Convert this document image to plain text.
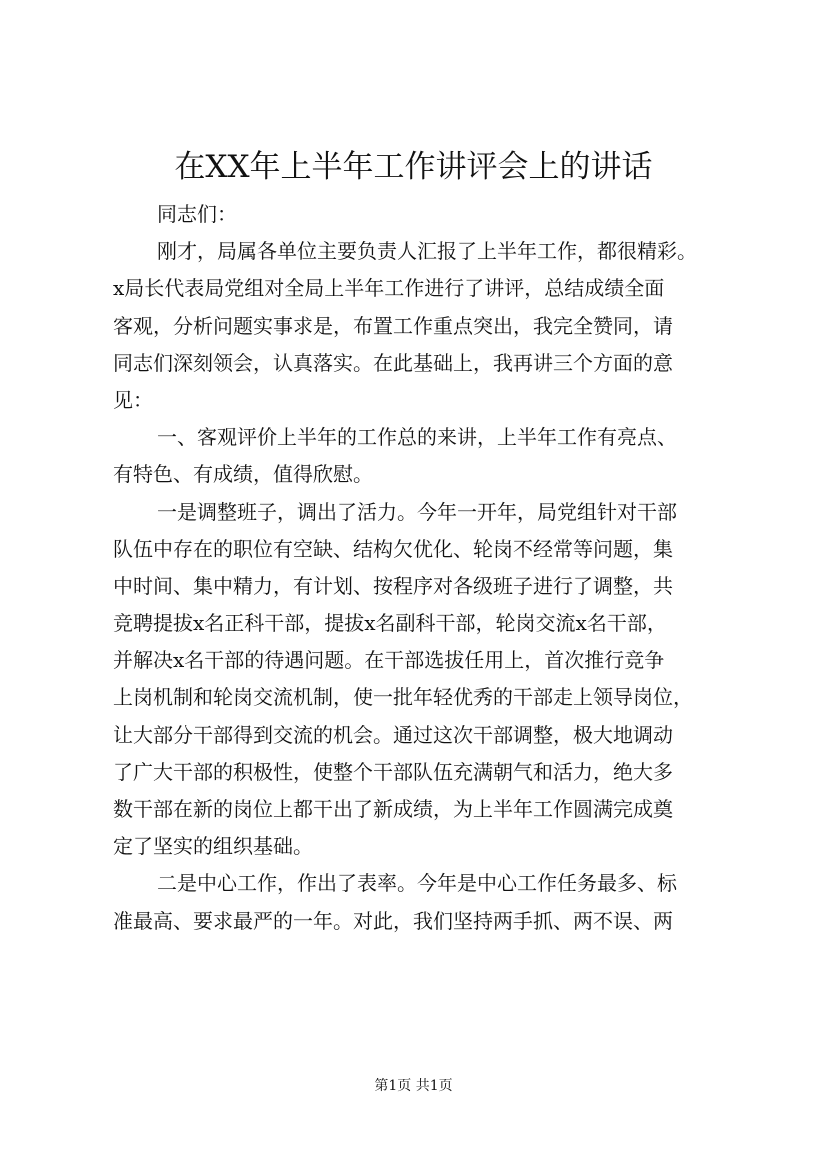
在XX年上半年工作讲评会上的讲话
同志们：
刚才，局属各单位主要负责人汇报了上半年工作，都很精彩。
x局长代表局党组对全局上半年工作进行了讲评，总结成绩全面
客观，分析问题实事求是，布置工作重点突出，我完全赞同，请
同志们深刻领会，认真落实。在此基础上，我再讲三个方面的意
见：
一、客观评价上半年的工作总的来讲，上半年工作有亮点、
有特色、有成绩，值得欣慰。
一是调整班子，调出了活力。今年一开年，局党组针对干部
队伍中存在的职位有空缺、结构欠优化、轮岗不经常等问题，集
中时间、集中精力，有计划、按程序对各级班子进行了调整，共
竞聘提拔x名正科干部，提拔x名副科干部，轮岗交流x名干部，
并解决x名干部的待遇问题。在干部选拔任用上，首次推行竞争
上岗机制和轮岗交流机制，使一批年轻优秀的干部走上领导岗位，
让大部分干部得到交流的机会。通过这次干部调整，极大地调动
了广大干部的积极性，使整个干部队伍充满朝气和活力，绝大多
数干部在新的岗位上都干出了新成绩，为上半年工作圆满完成奠
定了坚实的组织基础。
二是中心工作，作出了表率。今年是中心工作任务最多、标
准最高、要求最严的一年。对此，我们坚持两手抓、两不误、两
第1页 共1页
